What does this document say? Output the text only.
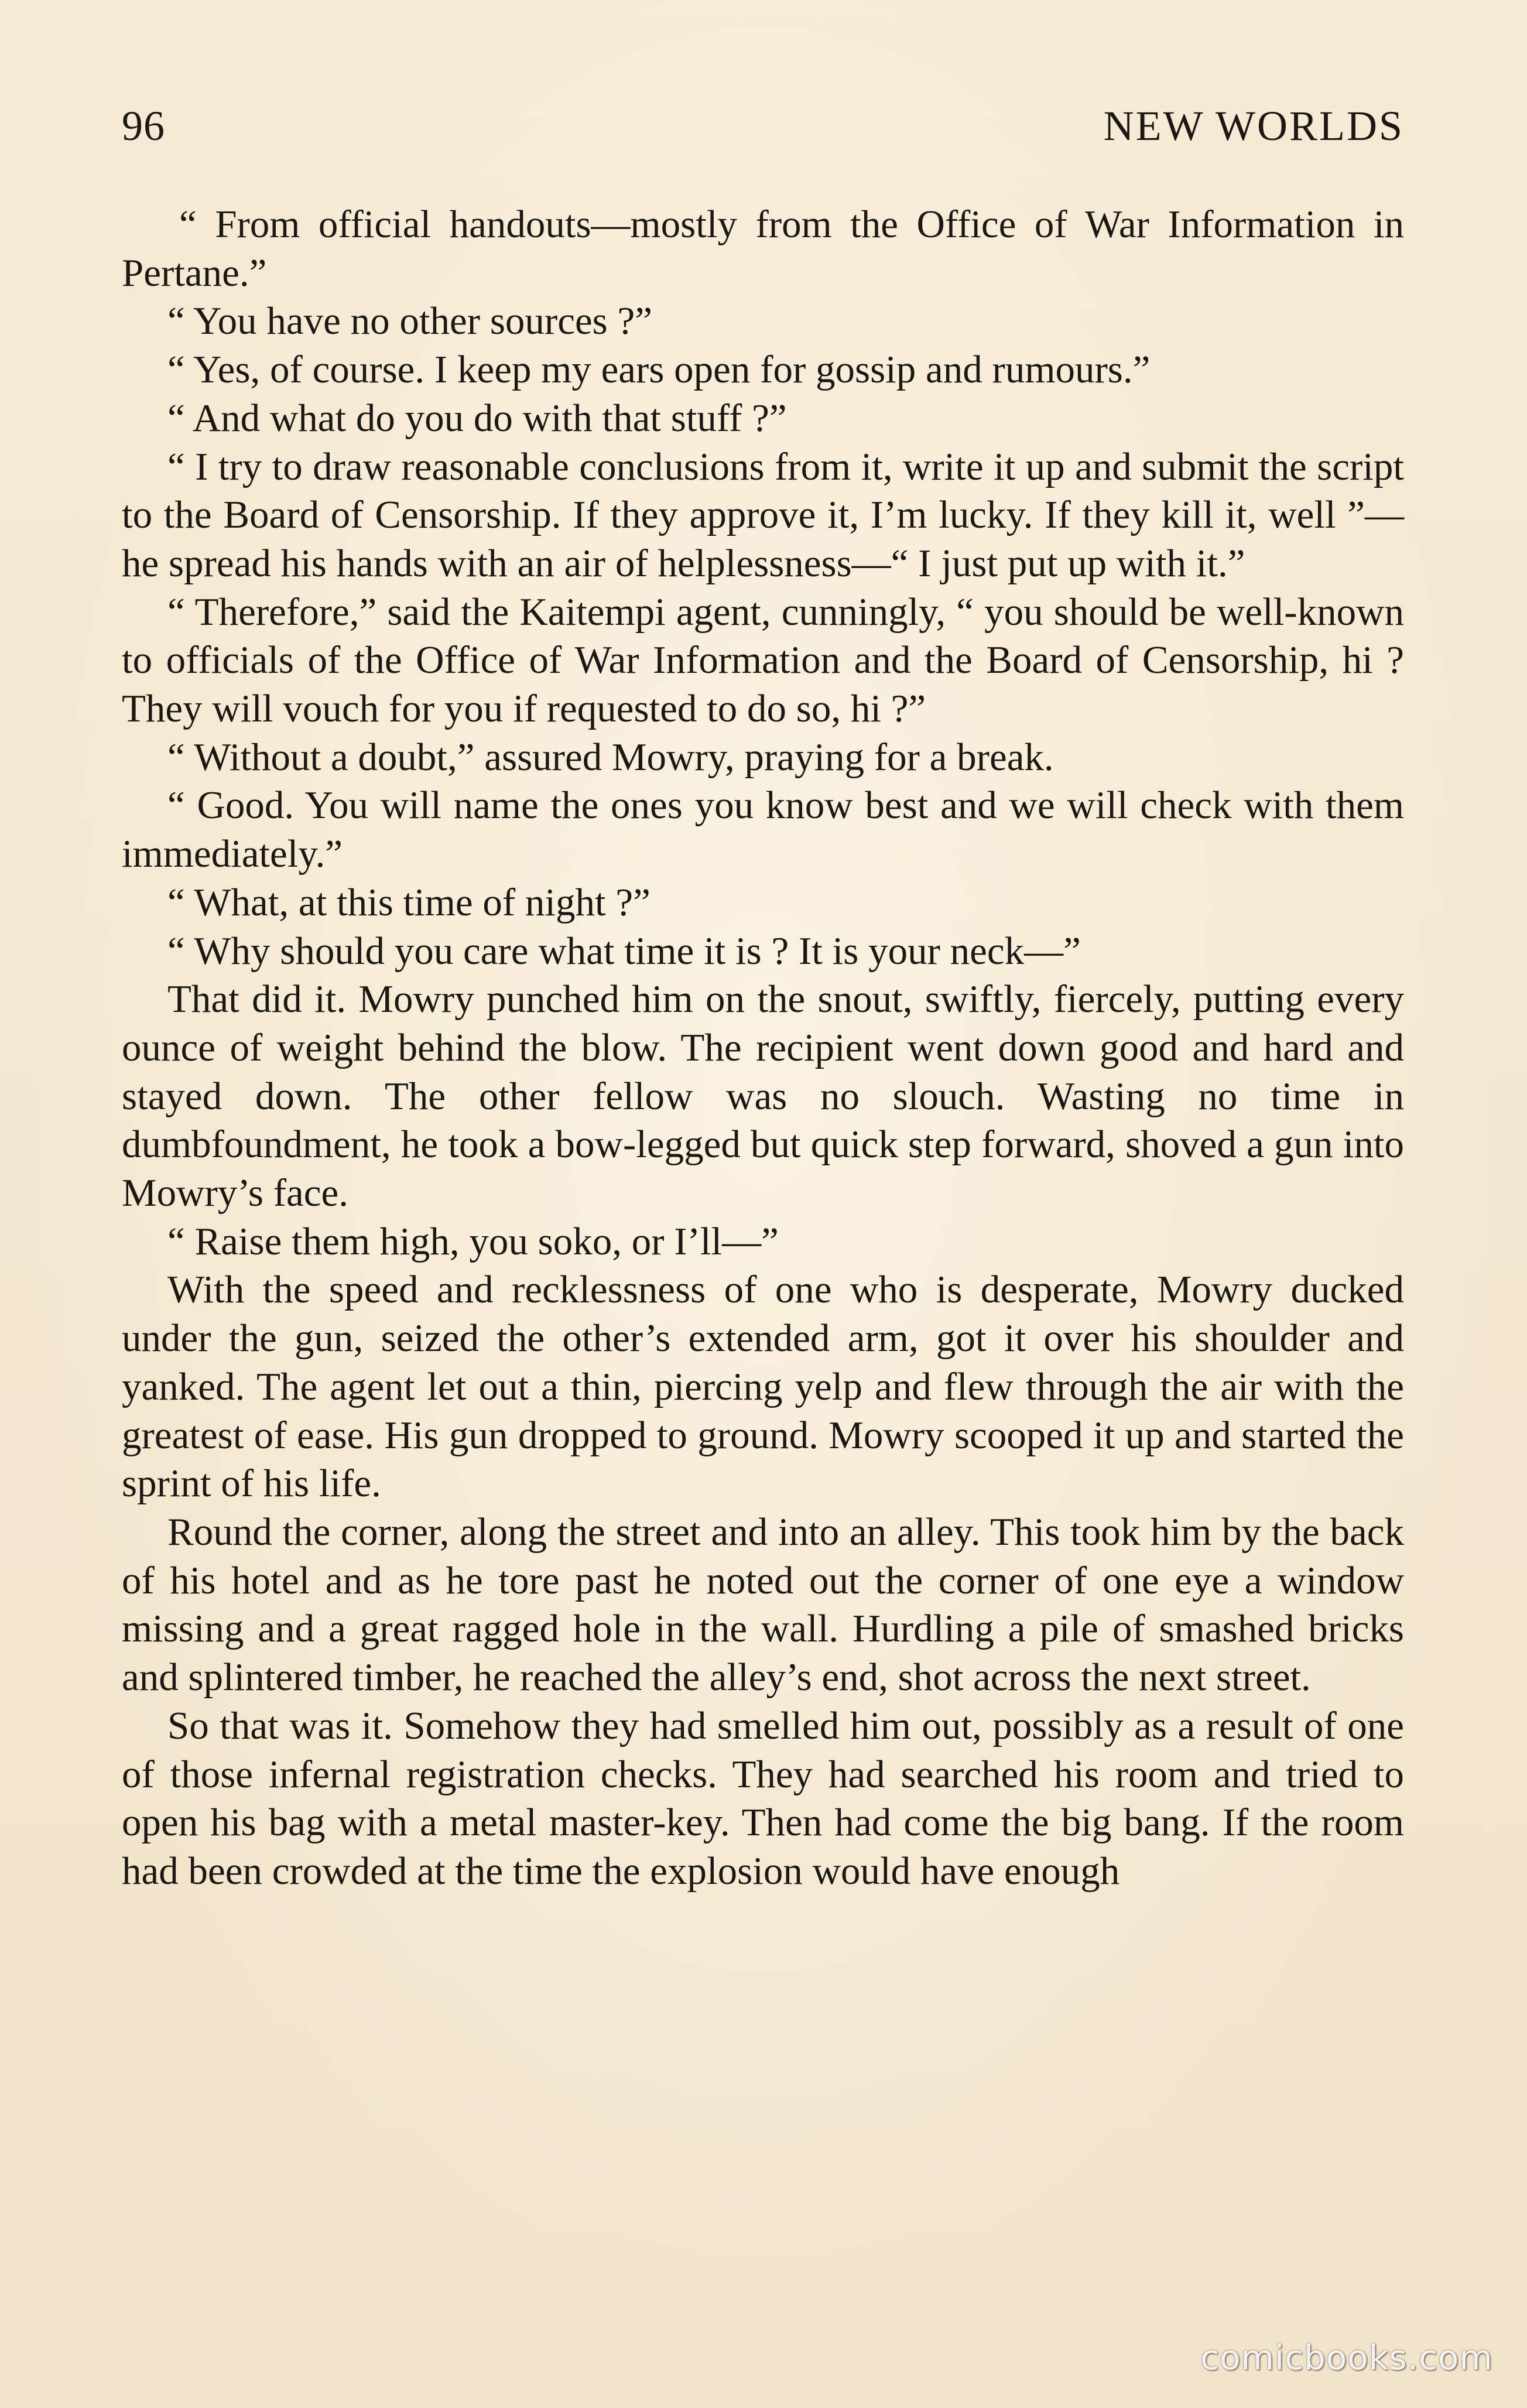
96	NEW WORLDS

“ From official handouts—mostly from the Office of War Information in Pertane.”

“ You have no other sources ?”

“ Yes, of course. I keep my ears open for gossip and rumours.”

“ And what do you do with that stuff ?”

“ I try to draw reasonable conclusions from it, write it up and submit the script to the Board of Censorship. If they approve it, I’m lucky. If they kill it, well ”—he spread his hands with an air of helplessness—“ I just put up with it.”

“ Therefore,” said the Kaitempi agent, cunningly, “ you should be well-known to officials of the Office of War Information and the Board of Censorship, hi ? They will vouch for you if requested to do so, hi ?”

“ Without a doubt,” assured Mowry, praying for a break.

“ Good. You will name the ones you know best and we will check with them immediately.”

“ What, at this time of night ?”

“ Why should you care what time it is ? It is your neck—”

That did it. Mowry punched him on the snout, swiftly, fiercely, putting every ounce of weight behind the blow. The recipient went down good and hard and stayed down. The other fellow was no slouch. Wasting no time in dumbfoundment, he took a bow-legged but quick step forward, shoved a gun into Mowry’s face.

“ Raise them high, you soko, or I’ll—”

With the speed and recklessness of one who is desperate, Mowry ducked under the gun, seized the other’s extended arm, got it over his shoulder and yanked. The agent let out a thin, piercing yelp and flew through the air with the greatest of ease. His gun dropped to ground. Mowry scooped it up and started the sprint of his life.

Round the corner, along the street and into an alley. This took him by the back of his hotel and as he tore past he noted out the corner of one eye a window missing and a great ragged hole in the wall. Hurdling a pile of smashed bricks and splintered timber, he reached the alley’s end, shot across the next street.

So that was it. Somehow they had smelled him out, possibly as a result of one of those infernal registration checks. They had searched his room and tried to open his bag with a metal master-key. Then had come the big bang. If the room had been crowded at the time the explosion would have enough

comicbooks.com
